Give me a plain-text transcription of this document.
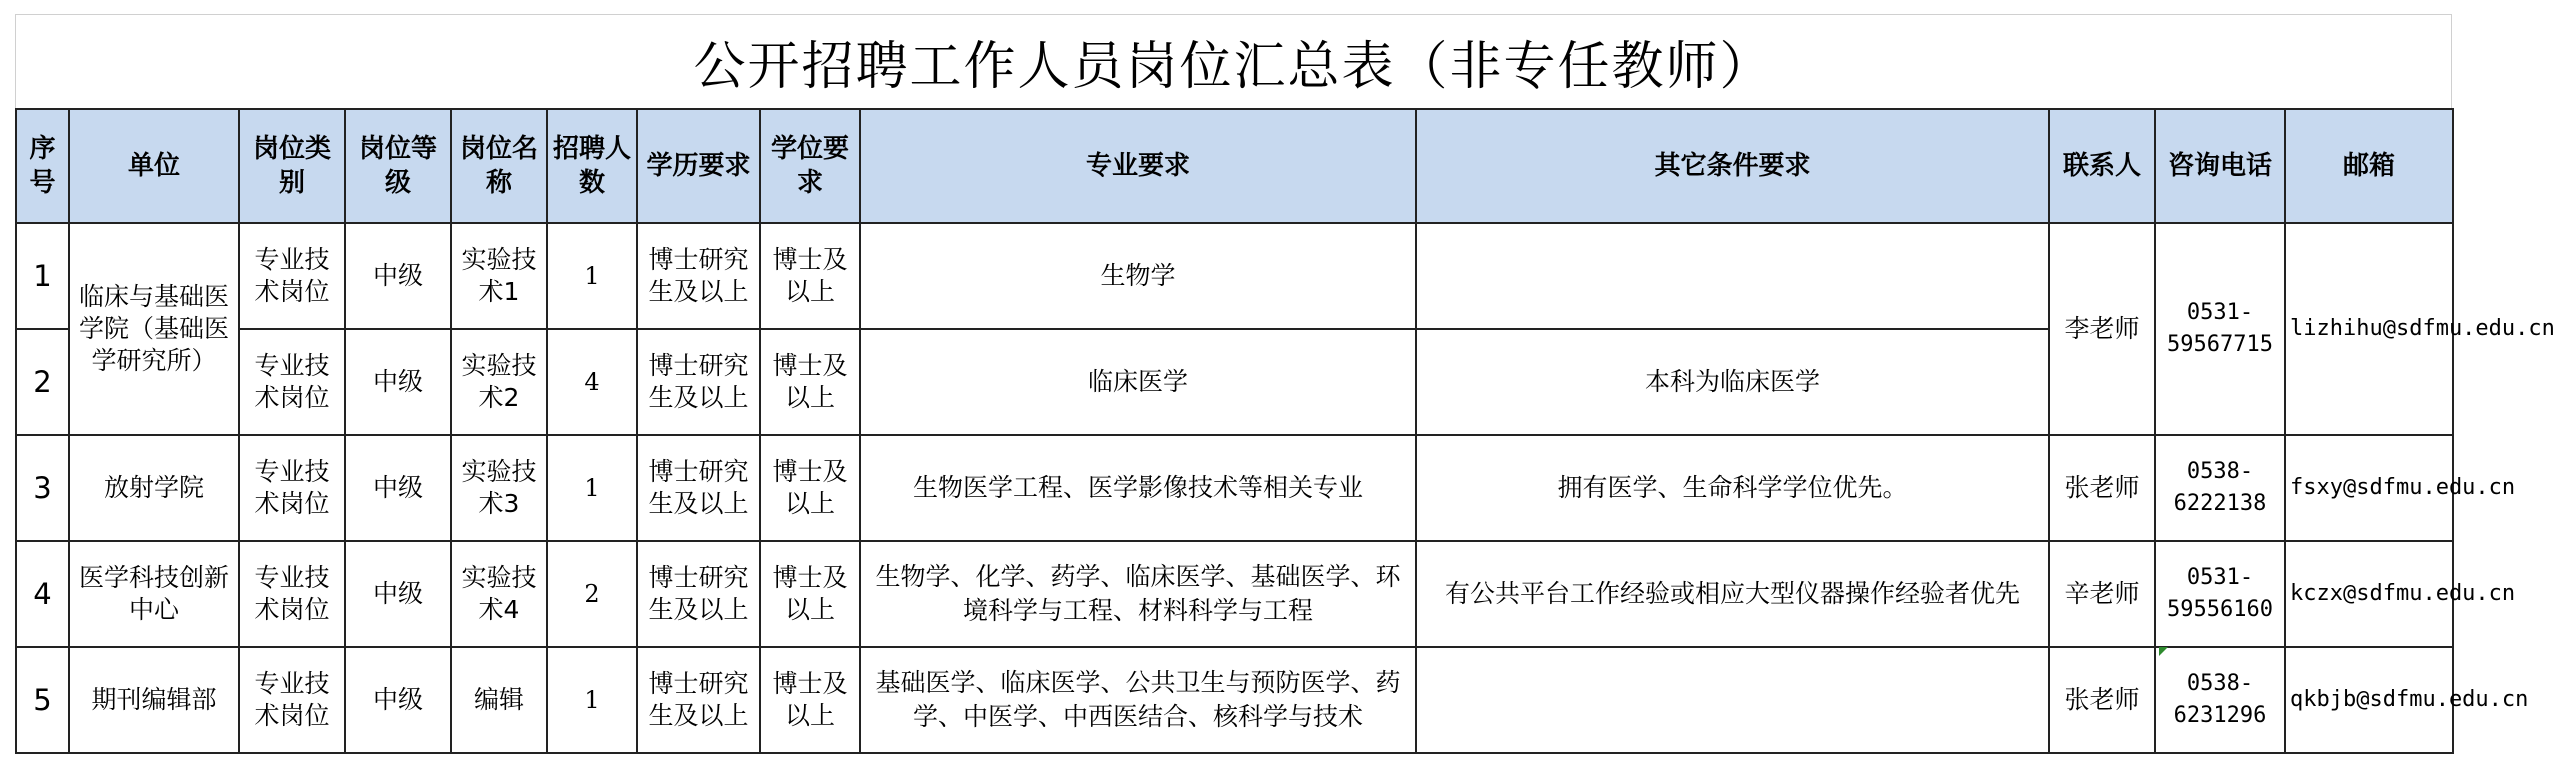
公开招聘工作人员岗位汇总表（非专任教师）
序号	单位	岗位类别	岗位等级	岗位名称	招聘人数	学历要求	学位要求	专业要求	其它条件要求	联系人	咨询电话	邮箱
1	临床与基础医学院（基础医学研究所）	专业技术岗位	中级	实验技术1	1	博士研究生及以上	博士及以上	生物学		李老师	0531-59567715	lizhihu@sdfmu.edu.cn
2		专业技术岗位	中级	实验技术2	4	博士研究生及以上	博士及以上	临床医学	本科为临床医学			
3	放射学院	专业技术岗位	中级	实验技术3	1	博士研究生及以上	博士及以上	生物医学工程、医学影像技术等相关专业	拥有医学、生命科学学位优先。	张老师	0538-6222138	fsxy@sdfmu.edu.cn
4	医学科技创新中心	专业技术岗位	中级	实验技术4	2	博士研究生及以上	博士及以上	生物学、化学、药学、临床医学、基础医学、环境科学与工程、材料科学与工程	有公共平台工作经验或相应大型仪器操作经验者优先	辛老师	0531-59556160	kczx@sdfmu.edu.cn
5	期刊编辑部	专业技术岗位	中级	编辑	1	博士研究生及以上	博士及以上	基础医学、临床医学、公共卫生与预防医学、药学、中医学、中西医结合、核科学与技术		张老师	0538-6231296	qkbjb@sdfmu.edu.cn
